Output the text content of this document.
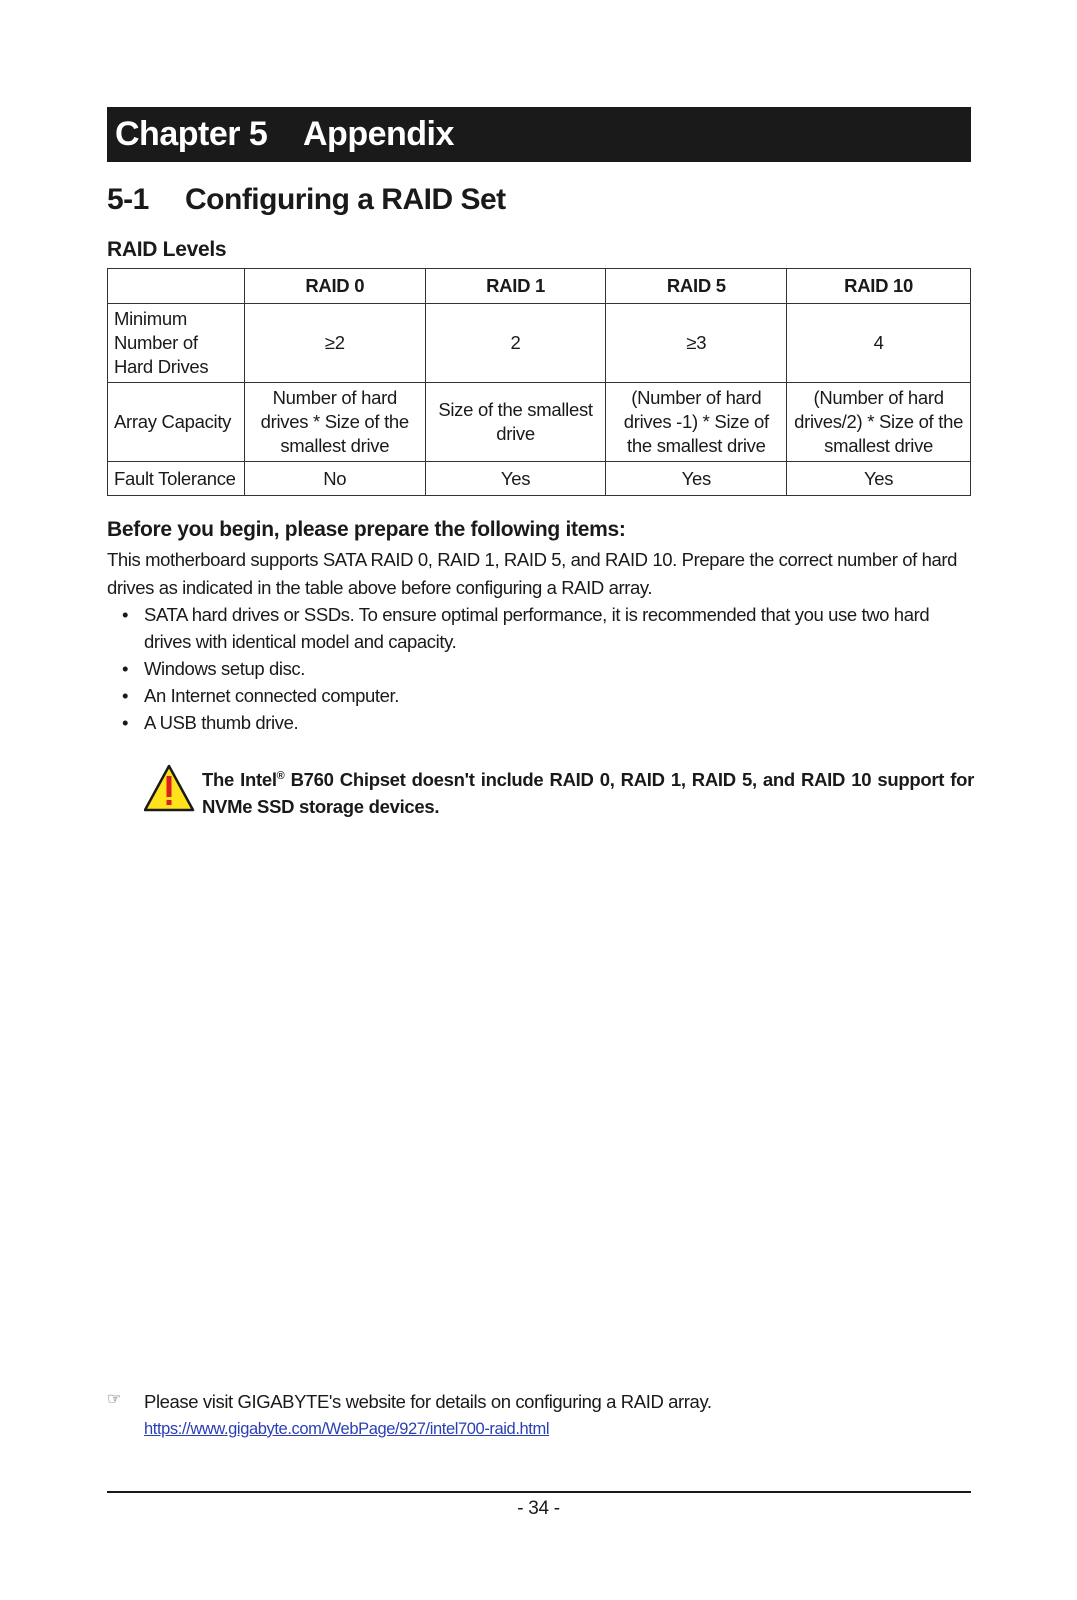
Chapter 5	Appendix
5-1	Configuring a RAID Set
RAID Levels
	RAID 0	RAID 1	RAID 5	RAID 10
Minimum Number of Hard Drives	≥2	2	≥3	4
Array Capacity	Number of hard drives * Size of the smallest drive	Size of the smallest drive	(Number of hard drives -1) * Size of the smallest drive	(Number of hard drives/2) * Size of the smallest drive
Fault Tolerance	No	Yes	Yes	Yes
Before you begin, please prepare the following items:
This motherboard supports SATA RAID 0, RAID 1, RAID 5, and RAID 10. Prepare the correct number of hard drives as indicated in the table above before configuring a RAID array.
• SATA hard drives or SSDs. To ensure optimal performance, it is recommended that you use two hard drives with identical model and capacity.
• Windows setup disc.
• An Internet connected computer.
• A USB thumb drive.
The Intel® B760 Chipset doesn't include RAID 0, RAID 1, RAID 5, and RAID 10 support for NVMe SSD storage devices.
☞ Please visit GIGABYTE's website for details on configuring a RAID array.
https://www.gigabyte.com/WebPage/927/intel700-raid.html
- 34 -
